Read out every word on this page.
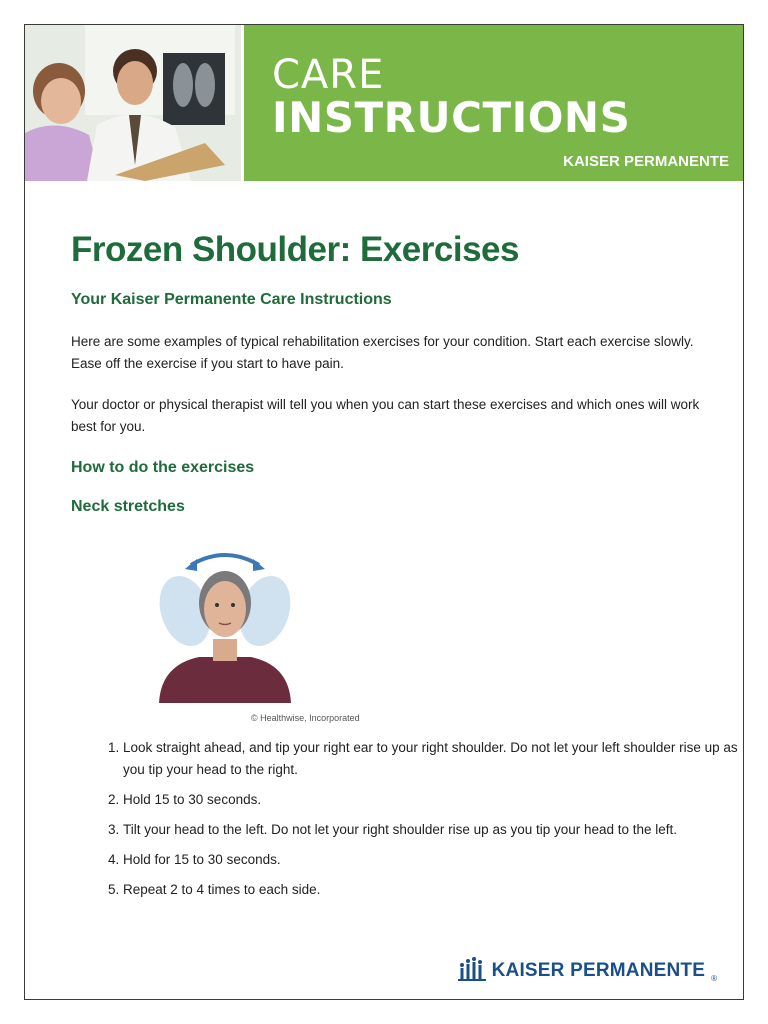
CARE
INSTRUCTIONS
KAISER PERMANENTE
Frozen Shoulder: Exercises
Your Kaiser Permanente Care Instructions
Here are some examples of typical rehabilitation exercises for your condition. Start each exercise slowly. Ease off the exercise if you start to have pain.
Your doctor or physical therapist will tell you when you can start these exercises and which ones will work best for you.
How to do the exercises
Neck stretches
© Healthwise, Incorporated
1. Look straight ahead, and tip your right ear to your right shoulder. Do not let your left shoulder rise up as you tip your head to the right.
2. Hold 15 to 30 seconds.
3. Tilt your head to the left. Do not let your right shoulder rise up as you tip your head to the left.
4. Hold for 15 to 30 seconds.
5. Repeat 2 to 4 times to each side.
KAISER PERMANENTE ®
